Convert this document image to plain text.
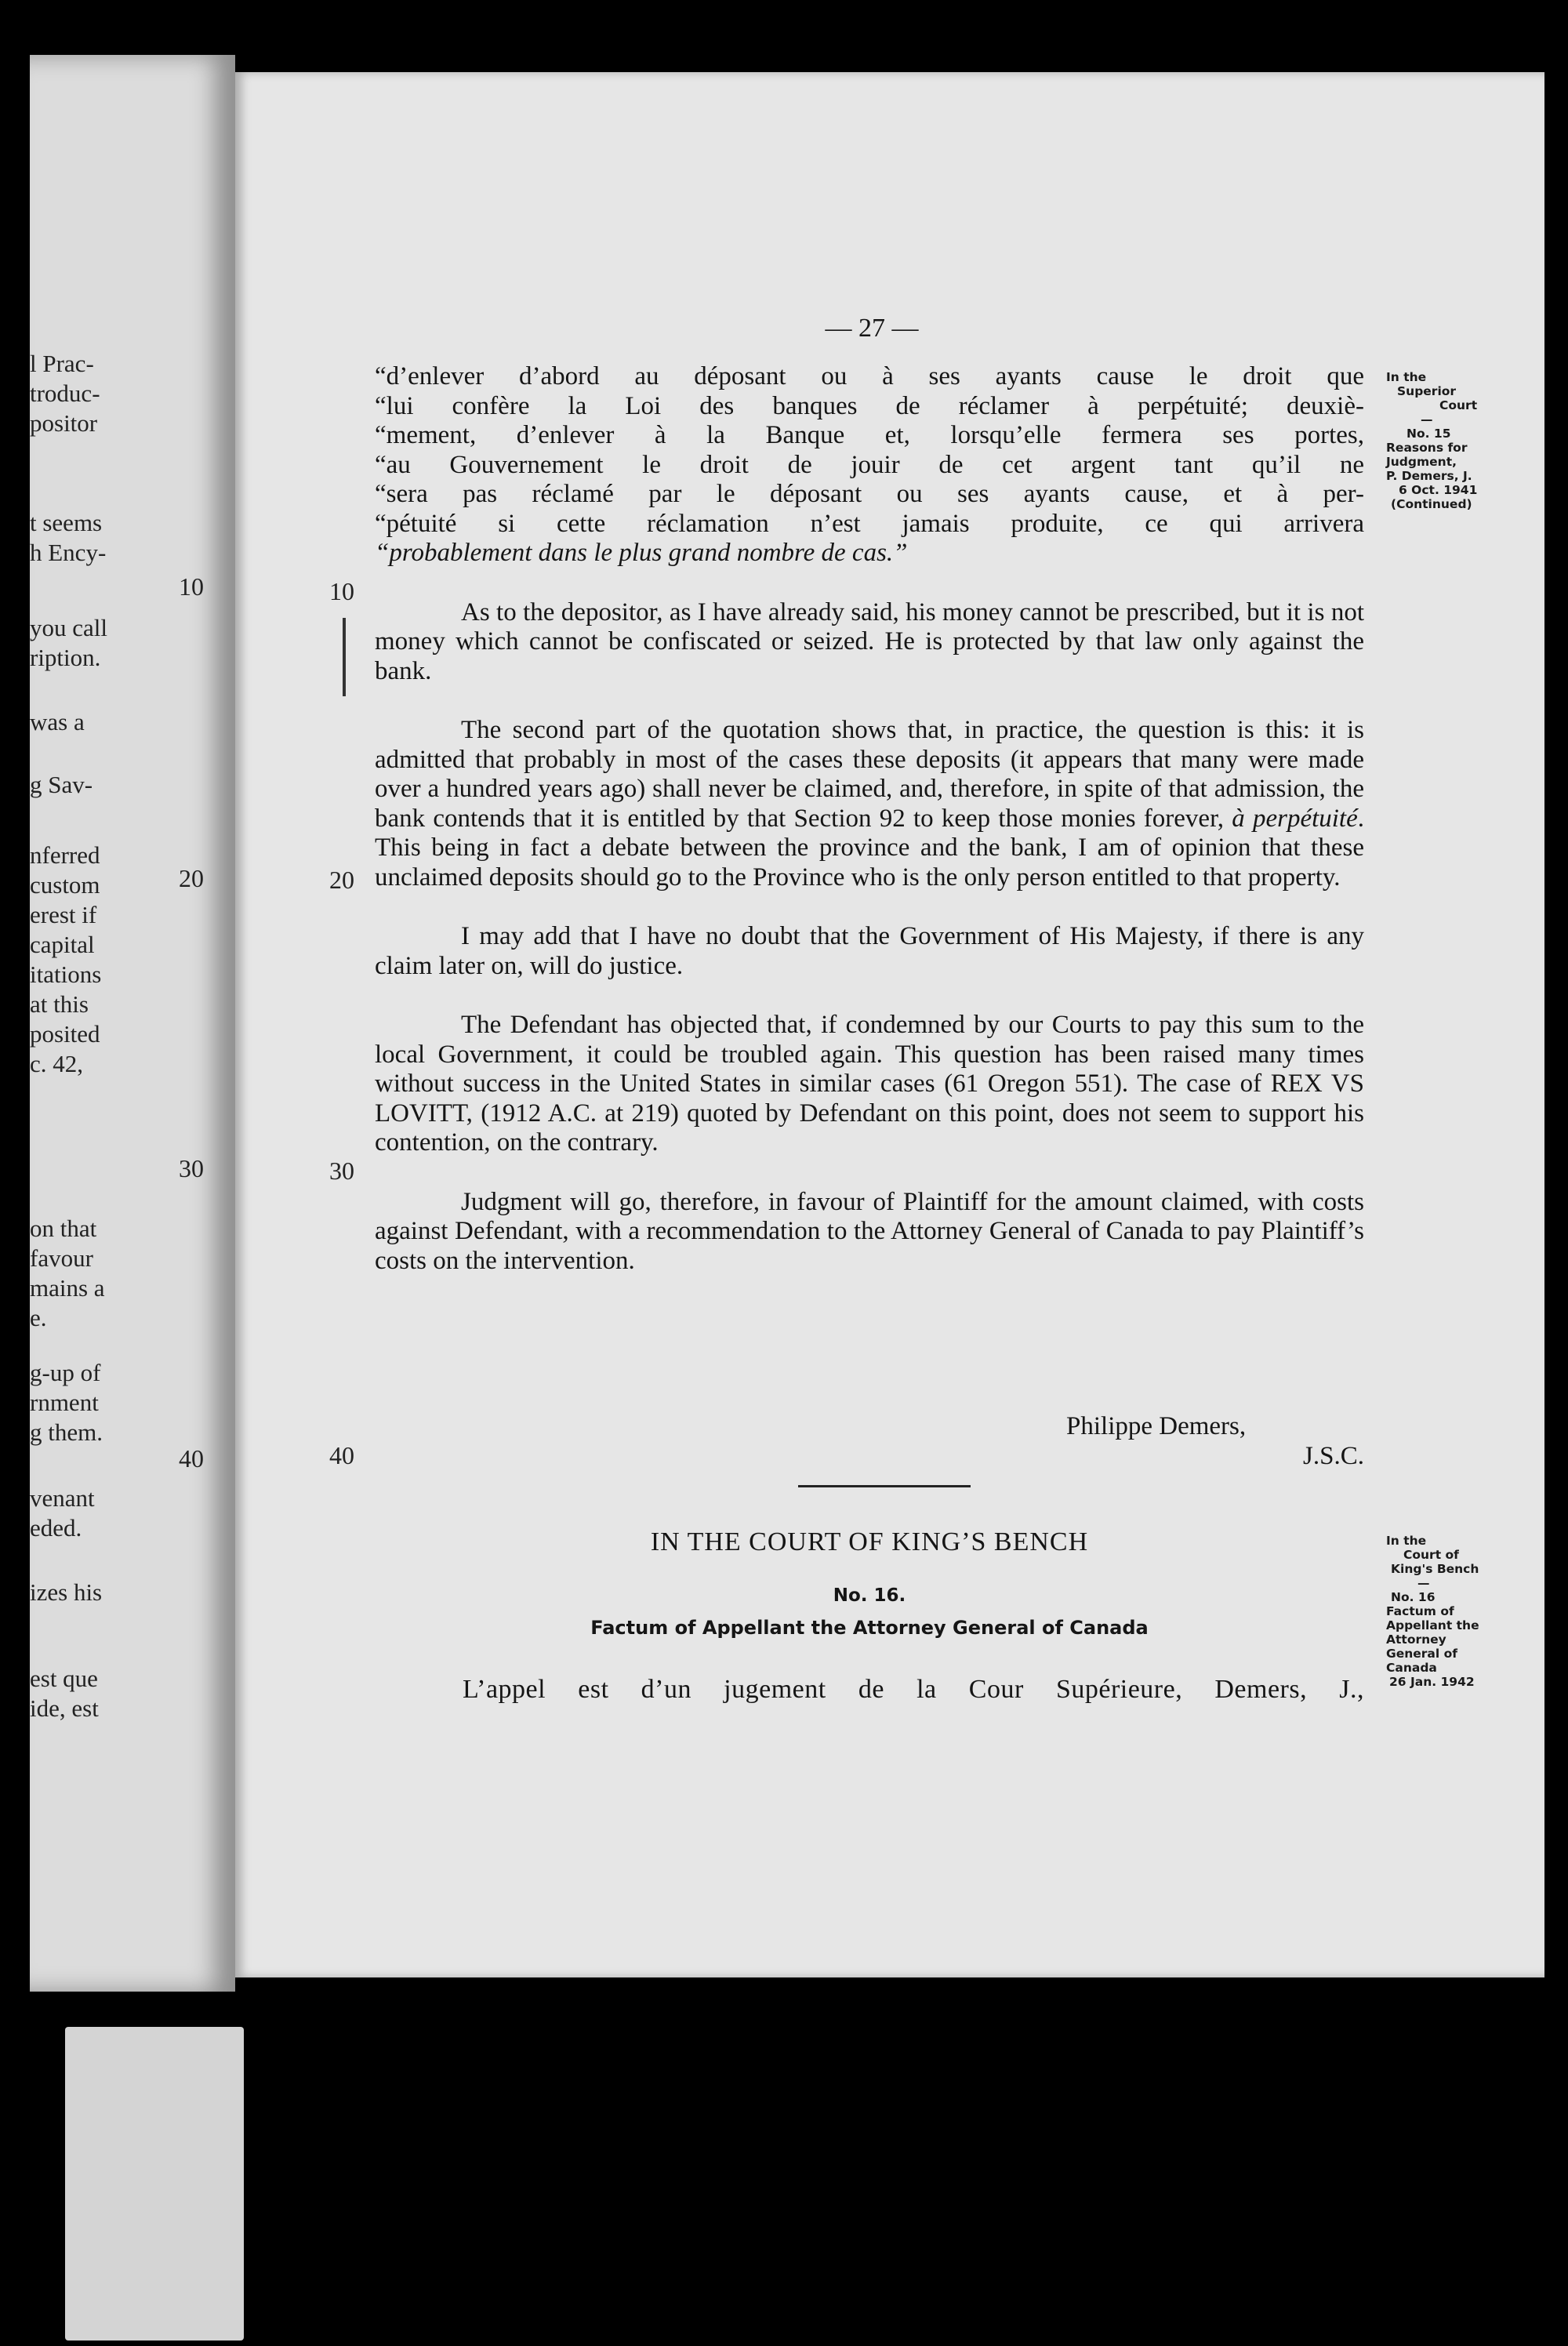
l Prac-
troduc-
positor
t seems
h Ency-
you call
ription.
was a
g Sav-
nferred
custom
erest if
capital
itations
at this
posited
c. 42,
on that
favour
mains a
e.
g-up of
rnment
g them.
venant
eded.
izes his
est que
ide, est
10
20
30
40
— 27 —
10
20
30
40

“d’enlever d’abord au déposant ou à ses ayants cause le droit que

“lui confère la Loi des banques de réclamer à perpétuité; deuxiè-

“mement, d’enlever à la Banque et, lorsqu’elle fermera ses portes,

“au Gouvernement le droit de jouir de cet argent tant qu’il ne

“sera pas réclamé par le déposant ou ses ayants cause, et à per-

“pétuité si cette réclamation n’est jamais produite, ce qui arrivera

“probablement dans le plus grand nombre de cas.”

As to the depositor, as I have already said, his money cannot be prescribed, but it is not money which cannot be confiscated or seized. He is protected by that law only against the bank.

The second part of the quotation shows that, in practice, the question is this: it is admitted that probably in most of the cases these deposits (it appears that many were made over a hundred years ago) shall never be claimed, and, therefore, in spite of that admission, the bank contends that it is entitled by that Section 92 to keep those monies forever, à perpétuité. This being in fact a debate between the province and the bank, I am of opinion that these unclaimed deposits should go to the Province who is the only person entitled to that property.

I may add that I have no doubt that the Government of His Majesty, if there is any claim later on, will do justice.

The Defendant has objected that, if condemned by our Courts to pay this sum to the local Government, it could be troubled again. This question has been raised many times without success in the United States in similar cases (61 Oregon 551). The case of REX VS LOVITT, (1912 A.C. at 219) quoted by Defendant on this point, does not seem to support his contention, on the contrary.

Judgment will go, therefore, in favour of Plaintiff for the amount claimed, with costs against Defendant, with a recommendation to the Attorney General of Canada to pay Plaintiff’s costs on the intervention.

Philippe Demers,
J.S.C.
IN THE COURT OF KING’S BENCH
No. 16.
Factum of Appellant the Attorney General of Canada
L’appel est d’un jugement de la Cour Supérieure, Demers, J.,
In the
Superior
Court
—
No. 15
Reasons for
Judgment,
P. Demers, J.
6 Oct. 1941
(Continued)
In the
Court of
King's Bench
—
No. 16
Factum of
Appellant the
Attorney
General of
Canada
26 Jan. 1942
